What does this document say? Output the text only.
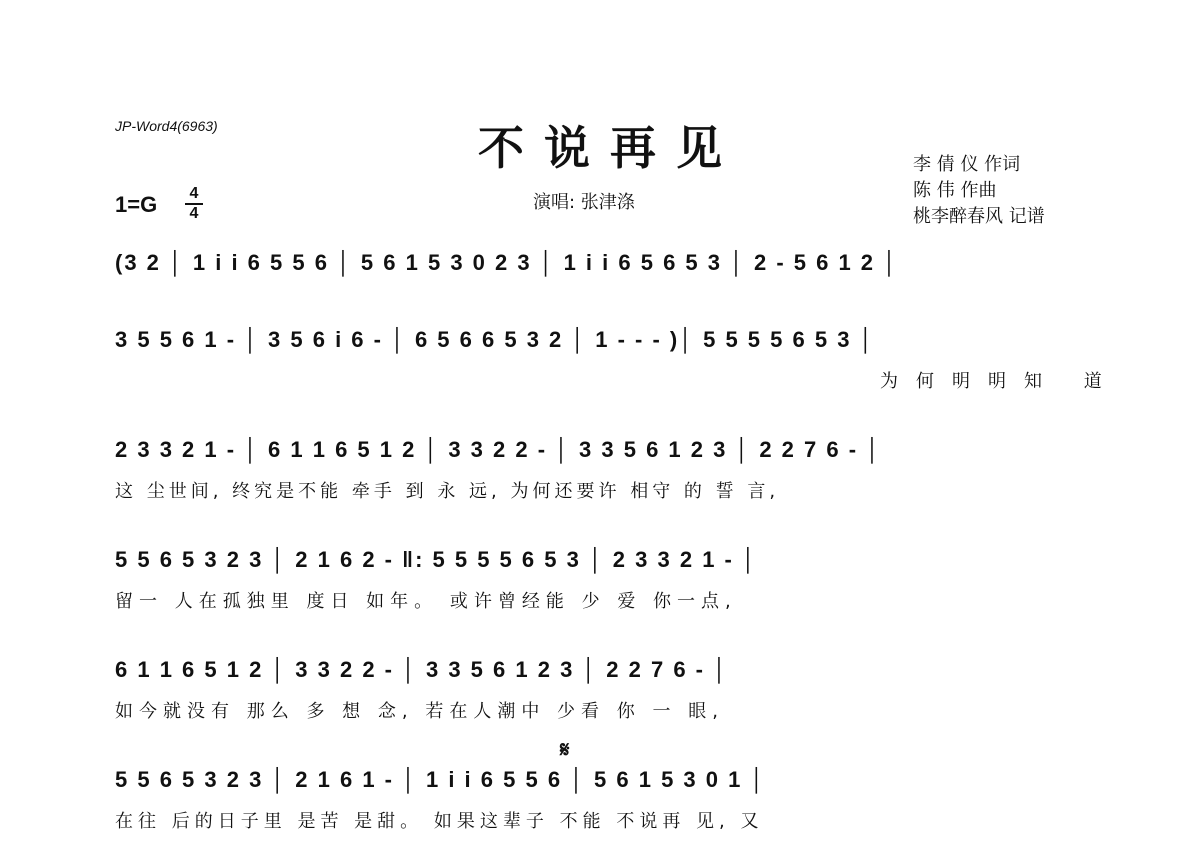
JP-Word4(6963)	不说再见
1=G 4
4
演唱: 张津涤
李 倩 仪 作词
陈 伟 作曲
桃李醉春风 记谱
(3 2 │ 1 i i 6 5 5 6 │ 5 6 1 5 3 0 2 3 │ 1 i i 6 5 6 5 3 │ 2 - 5 6 1 2 │
3 5 5 6 1 - │ 3 5 6 i 6 - │ 6 5 6 6 5 3 2 │ 1 - - - )│ 5 5 5 5 6 5 3 │
为何明明知 道
2 3 3 2 1 - │ 6 1 1 6 5 1 2 │ 3 3 2 2 - │ 3 3 5 6 1 2 3 │ 2 2 7 6 - │
这 尘世间, 终究是不能 牵手 到 永 远, 为何还要许 相守 的 誓 言,
5 5 6 5 3 2 3 │ 2 1 6 2 - ‖: 5 5 5 5 6 5 3 │ 2 3 3 2 1 - │
留一 人在孤独里 度日 如年。 或许曾经能 少 爱 你一点,
6 1 1 6 5 1 2 │ 3 3 2 2 - │ 3 3 5 6 1 2 3 │ 2 2 7 6 - │
如今就没有 那么 多 想 念, 若在人潮中 少看 你 一 眼,
𝄋
5 5 6 5 3 2 3 │ 2 1 6 1 - │ 1 i i 6 5 5 6 │ 5 6 1 5 3 0 1 │
在往 后的日子里 是苦 是甜。 如果这辈子 不能 不说再 见, 又
